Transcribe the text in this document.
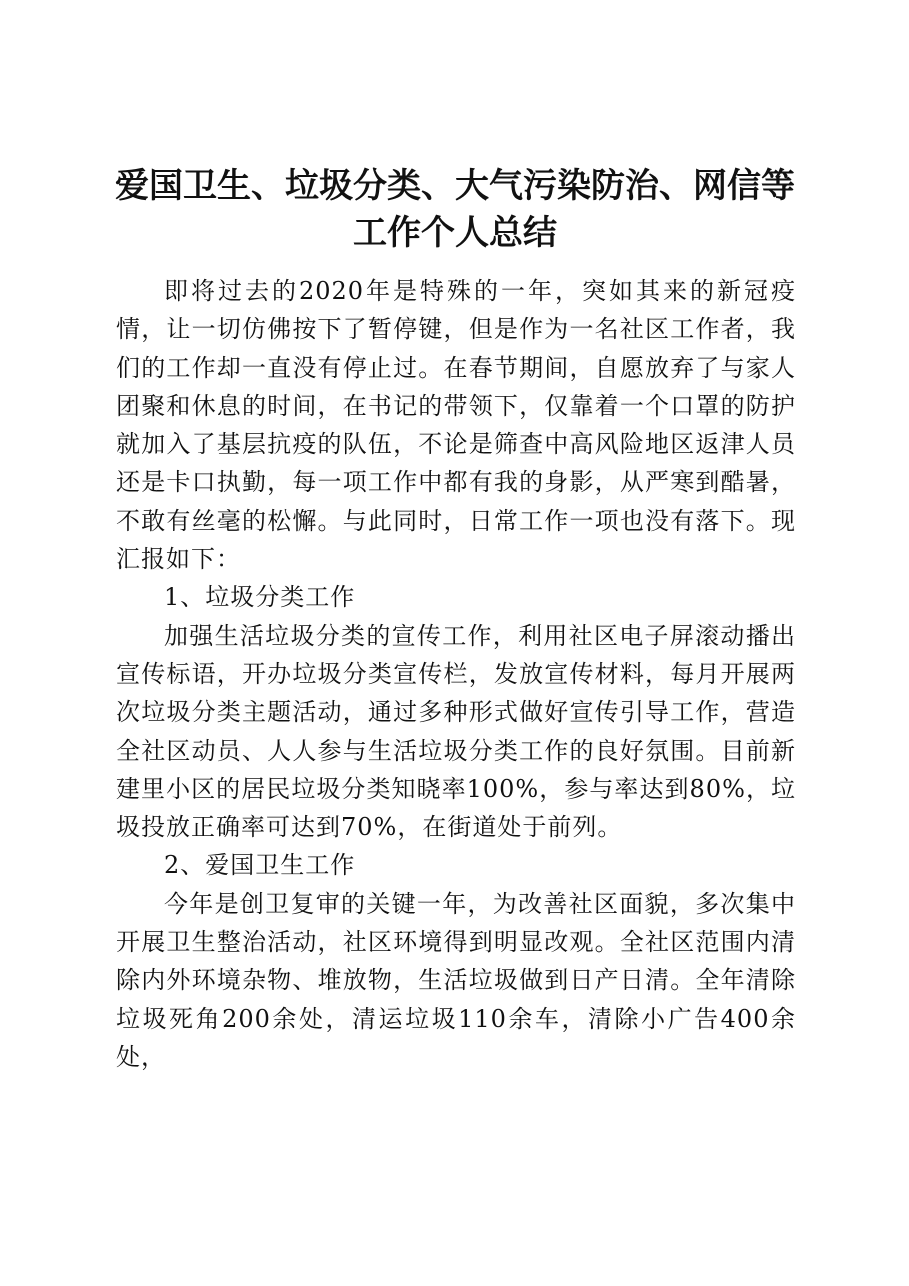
爱国卫生、垃圾分类、大气污染防治、网信等工作个人总结

即将过去的2020年是特殊的一年，突如其来的新冠疫情，让一切仿佛按下了暂停键，但是作为一名社区工作者，我们的工作却一直没有停止过。在春节期间，自愿放弃了与家人团聚和休息的时间，在书记的带领下，仅靠着一个口罩的防护就加入了基层抗疫的队伍，不论是筛查中高风险地区返津人员还是卡口执勤，每一项工作中都有我的身影，从严寒到酷暑，不敢有丝毫的松懈。与此同时，日常工作一项也没有落下。现汇报如下：

1、垃圾分类工作

加强生活垃圾分类的宣传工作，利用社区电子屏滚动播出宣传标语，开办垃圾分类宣传栏，发放宣传材料，每月开展两次垃圾分类主题活动，通过多种形式做好宣传引导工作，营造全社区动员、人人参与生活垃圾分类工作的良好氛围。目前新建里小区的居民垃圾分类知晓率100%，参与率达到80%，垃圾投放正确率可达到70%，在街道处于前列。

2、爱国卫生工作

今年是创卫复审的关键一年，为改善社区面貌，多次集中开展卫生整治活动，社区环境得到明显改观。全社区范围内清除内外环境杂物、堆放物，生活垃圾做到日产日清。全年清除垃圾死角200余处，清运垃圾110余车，清除小广告400余处，
